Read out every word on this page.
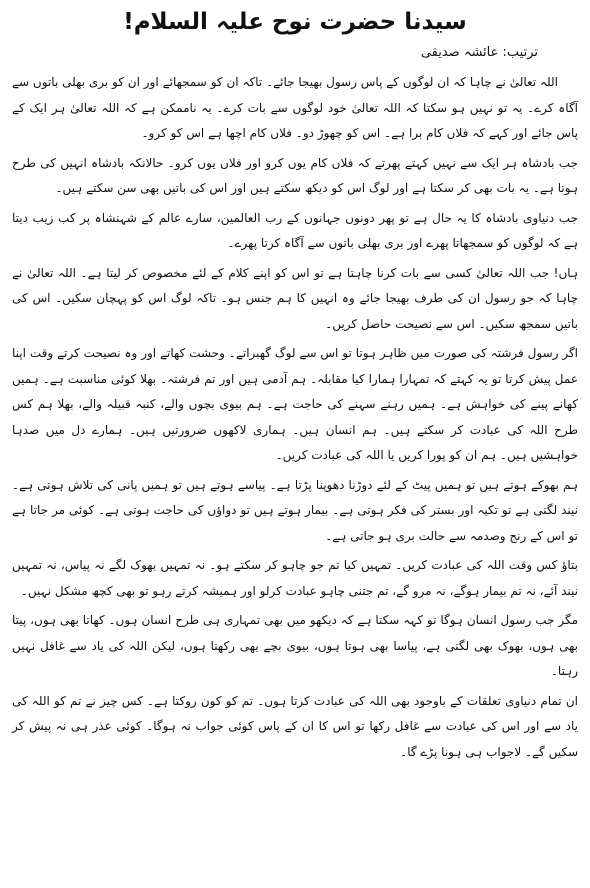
سیدنا حضرت نوح علیہ السلام!
ترتیب: عائشہ صدیقی

اللہ تعالیٰ نے چاہا کہ ان لوگوں کے پاس رسول بھیجا جائے۔ تاکہ ان کو سمجھائے اور ان کو بری بھلی باتوں سے آگاہ کرے۔ یہ تو نہیں ہو سکتا کہ اللہ تعالیٰ خود لوگوں سے بات کرے۔ یہ ناممکن ہے کہ اللہ تعالیٰ ہر ایک کے پاس جائے اور کہے کہ فلاں کام برا ہے۔ اس کو چھوڑ دو۔ فلاں کام اچھا ہے اس کو کرو۔

جب بادشاہ ہر ایک سے نہیں کہتے پھرتے کہ فلاں کام یوں کرو اور فلاں یوں کرو۔ حالانکہ بادشاہ انہیں کی طرح ہوتا ہے۔ یہ بات بھی کر سکتا ہے اور لوگ اس کو دیکھ سکتے ہیں اور اس کی باتیں بھی سن سکتے ہیں۔

جب دنیاوی بادشاہ کا یہ حال ہے تو پھر دونوں جہانوں کے رب العالمین، سارے عالم کے شہنشاہ پر کب زیب دیتا ہے کہ لوگوں کو سمجھاتا پھرے اور بری بھلی باتوں سے آگاہ کرتا پھرے۔

ہاں! جب اللہ تعالیٰ کسی سے بات کرنا چاہتا ہے تو اس کو اپنے کلام کے لئے مخصوص کر لیتا ہے۔ اللہ تعالیٰ نے چاہا کہ جو رسول ان کی طرف بھیجا جائے وہ انہیں کا ہم جنس ہو۔ تاکہ لوگ اس کو پہچان سکیں۔ اس کی باتیں سمجھ سکیں۔ اس سے نصیحت حاصل کریں۔

اگر رسول فرشتہ کی صورت میں ظاہر ہوتا تو اس سے لوگ گھبراتے۔ وحشت کھاتے اور وہ نصیحت کرتے وقت اپنا عمل پیش کرتا تو یہ کہتے کہ تمہارا ہمارا کیا مقابلہ۔ ہم آدمی ہیں اور تم فرشتہ۔ بھلا کوئی مناسبت ہے۔ ہمیں کھانے پینے کی خواہش ہے۔ ہمیں رہنے سہنے کی حاجت ہے۔ ہم بیوی بچوں والے، کنبہ قبیلہ والے، بھلا ہم کس طرح اللہ کی عبادت کر سکتے ہیں۔ ہم انسان ہیں۔ ہماری لاکھوں ضرورتیں ہیں۔ ہمارے دل میں صدہا خواہشیں ہیں۔ ہم ان کو پورا کریں یا اللہ کی عبادت کریں۔

ہم بھوکے ہوتے ہیں تو ہمیں پیٹ کے لئے دوڑنا دھوپنا پڑتا ہے۔ پیاسے ہوتے ہیں تو ہمیں پانی کی تلاش ہوتی ہے۔ نیند لگتی ہے تو تکیہ اور بستر کی فکر ہوتی ہے۔ بیمار ہوتے ہیں تو دواؤں کی حاجت ہوتی ہے۔ کوئی مر جاتا ہے تو اس کے رنج وصدمہ سے حالت بری ہو جاتی ہے۔

بتاؤ کس وقت اللہ کی عبادت کریں۔ تمہیں کیا تم جو چاہو کر سکتے ہو۔ نہ تمہیں بھوک لگے نہ پیاس، نہ تمہیں نیند آئے، نہ تم بیمار ہوگے، نہ مرو گے، تم جتنی چاہو عبادت کرلو اور ہمیشہ کرتے رہو تو بھی کچھ مشکل نہیں۔

مگر جب رسول انسان ہوگا تو کہہ سکتا ہے کہ دیکھو میں بھی تمہاری ہی طرح انسان ہوں۔ کھاتا بھی ہوں، پیتا بھی ہوں، بھوک بھی لگتی ہے، پیاسا بھی ہوتا ہوں، بیوی بچے بھی رکھتا ہوں، لیکن اللہ کی یاد سے غافل نہیں رہتا۔

ان تمام دنیاوی تعلقات کے باوجود بھی اللہ کی عبادت کرتا ہوں۔ تم کو کون روکتا ہے۔ کس چیز نے تم کو اللہ کی یاد سے اور اس کی عبادت سے غافل رکھا تو اس کا ان کے پاس کوئی جواب نہ ہوگا۔ کوئی عذر ہی نہ پیش کر سکیں گے۔ لاجواب ہی ہونا پڑے گا۔
